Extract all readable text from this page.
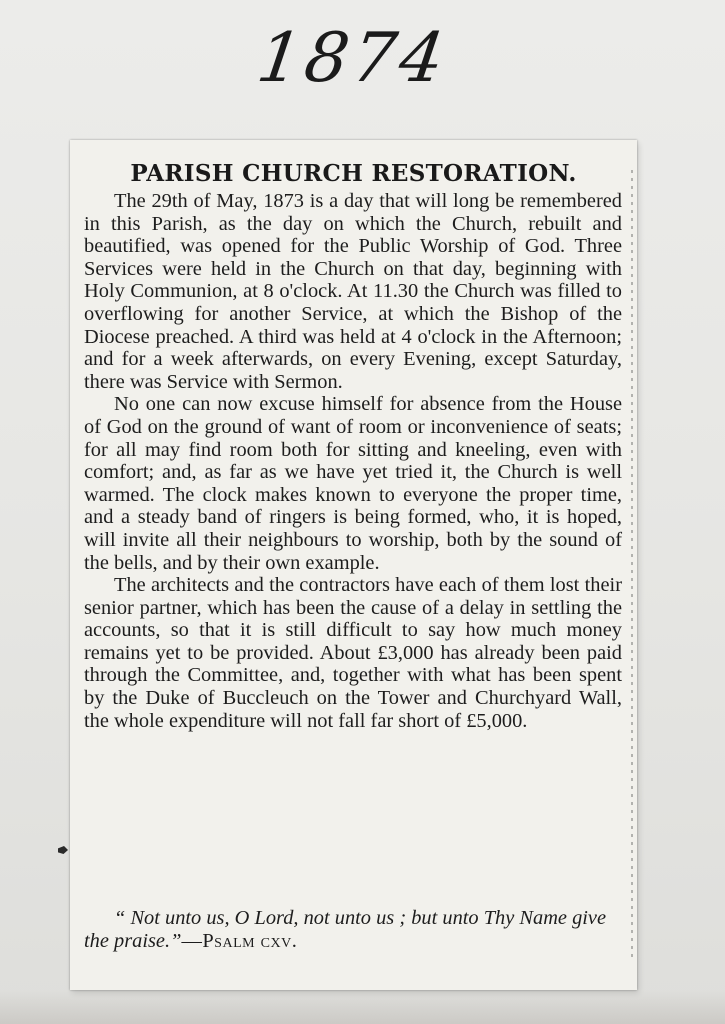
1874
PARISH CHURCH RESTORATION.

The 29th of May, 1873 is a day that will long be remembered in this Parish, as the day on which the Church, rebuilt and beautified, was opened for the Public Worship of God. Three Services were held in the Church on that day, beginning with Holy Communion, at 8 o'clock. At 11.30 the Church was filled to overflowing for another Service, at which the Bishop of the Diocese preached. A third was held at 4 o'clock in the Afternoon; and for a week afterwards, on every Evening, except Saturday, there was Service with Sermon.

No one can now excuse himself for absence from the House of God on the ground of want of room or inconvenience of seats; for all may find room both for sitting and kneeling, even with comfort; and, as far as we have yet tried it, the Church is well warmed. The clock makes known to everyone the proper time, and a steady band of ringers is being formed, who, it is hoped, will invite all their neighbours to worship, both by the sound of the bells, and by their own example.

The architects and the contractors have each of them lost their senior partner, which has been the cause of a delay in settling the accounts, so that it is still difficult to say how much money remains yet to be provided. About £3,000 has already been paid through the Committee, and, together with what has been spent by the Duke of Buccleuch on the Tower and Churchyard Wall, the whole expenditure will not fall far short of £5,000.

“ Not unto us, O Lord, not unto us ; but unto Thy Name give the praise.”—Psalm cxv.
